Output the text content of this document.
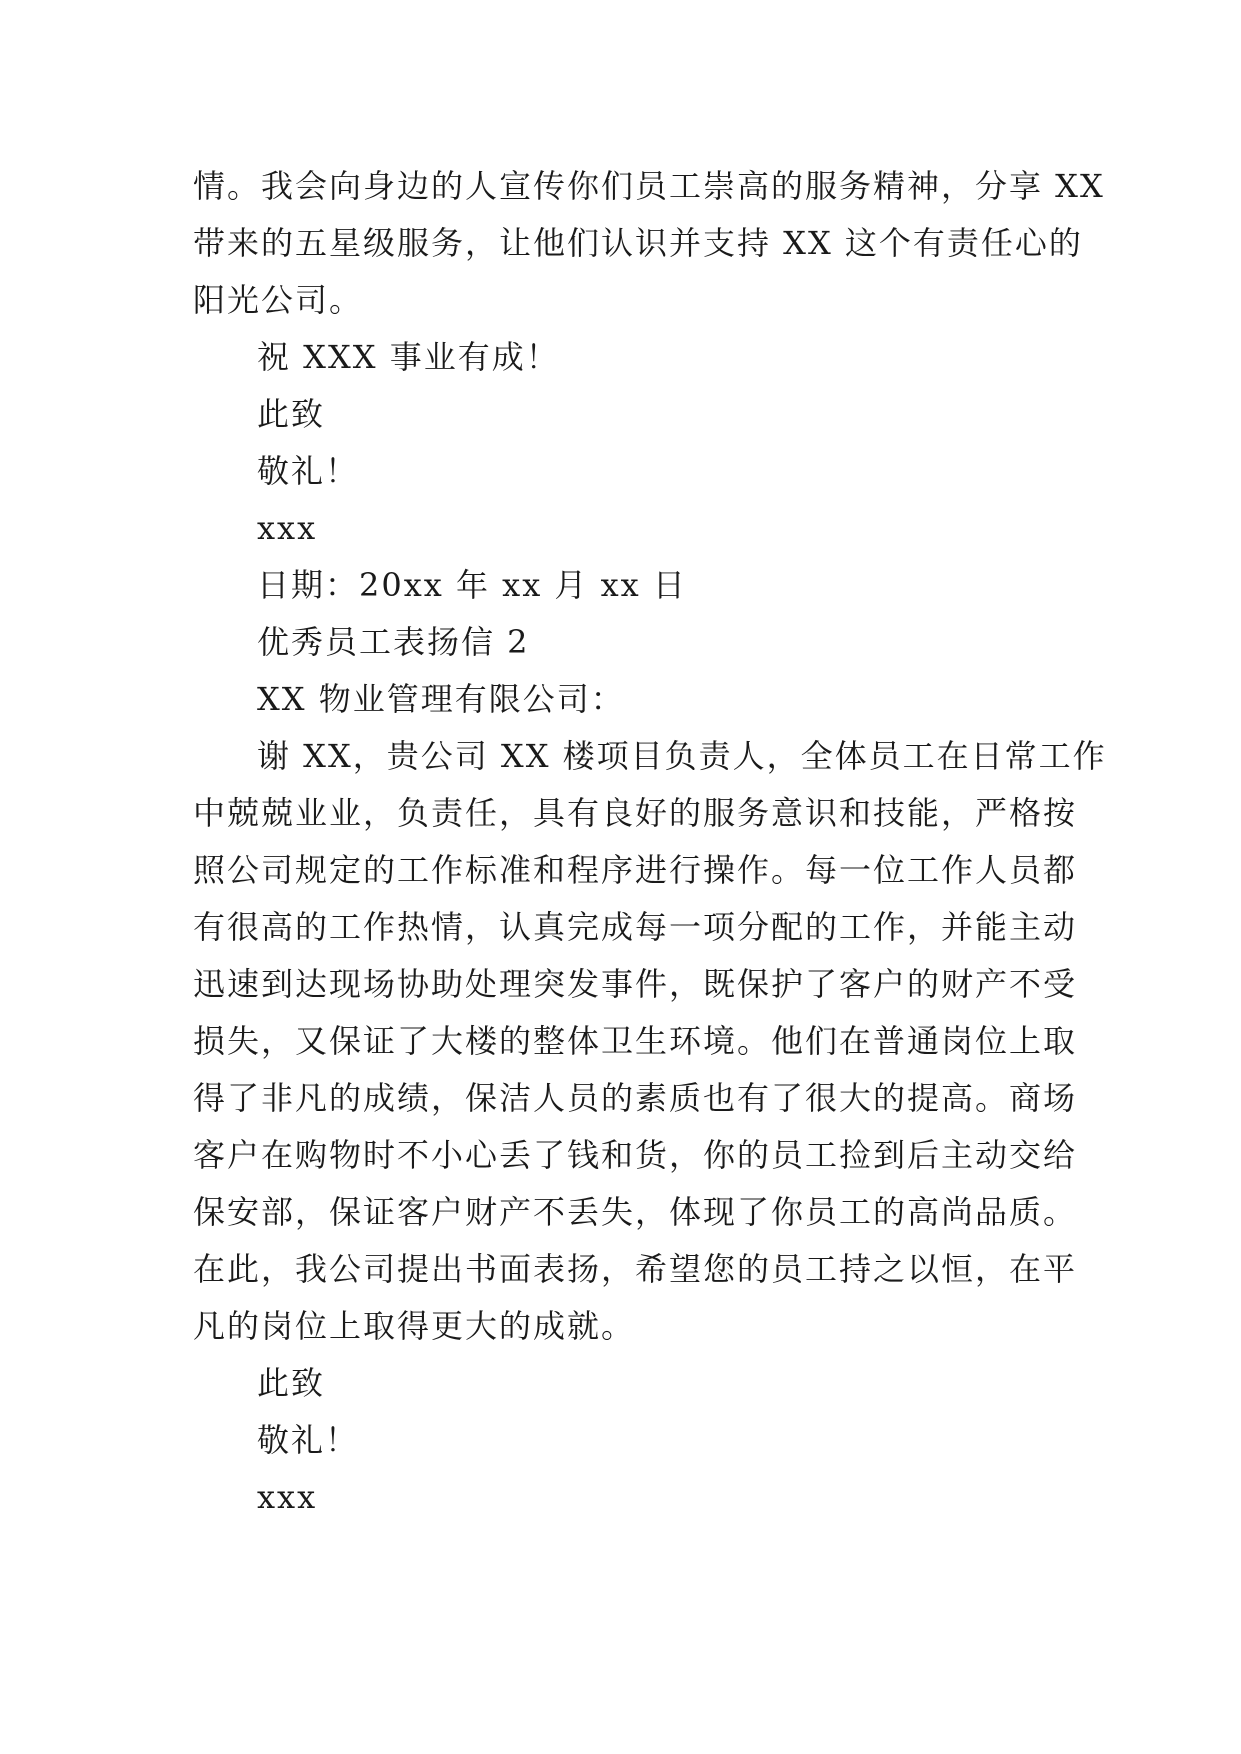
情。我会向身边的人宣传你们员工崇高的服务精神，分享 XX
带来的五星级服务，让他们认识并支持 XX 这个有责任心的
阳光公司。
祝 XXX 事业有成！
此致
敬礼！
xxx
日期：20xx 年 xx 月 xx 日
优秀员工表扬信 2
XX 物业管理有限公司：
谢 XX，贵公司 XX 楼项目负责人，全体员工在日常工作
中兢兢业业，负责任，具有良好的服务意识和技能，严格按
照公司规定的工作标准和程序进行操作。每一位工作人员都
有很高的工作热情，认真完成每一项分配的工作，并能主动
迅速到达现场协助处理突发事件，既保护了客户的财产不受
损失，又保证了大楼的整体卫生环境。他们在普通岗位上取
得了非凡的成绩，保洁人员的素质也有了很大的提高。商场
客户在购物时不小心丢了钱和货，你的员工捡到后主动交给
保安部，保证客户财产不丢失，体现了你员工的高尚品质。
在此，我公司提出书面表扬，希望您的员工持之以恒，在平
凡的岗位上取得更大的成就。
此致
敬礼！
xxx
